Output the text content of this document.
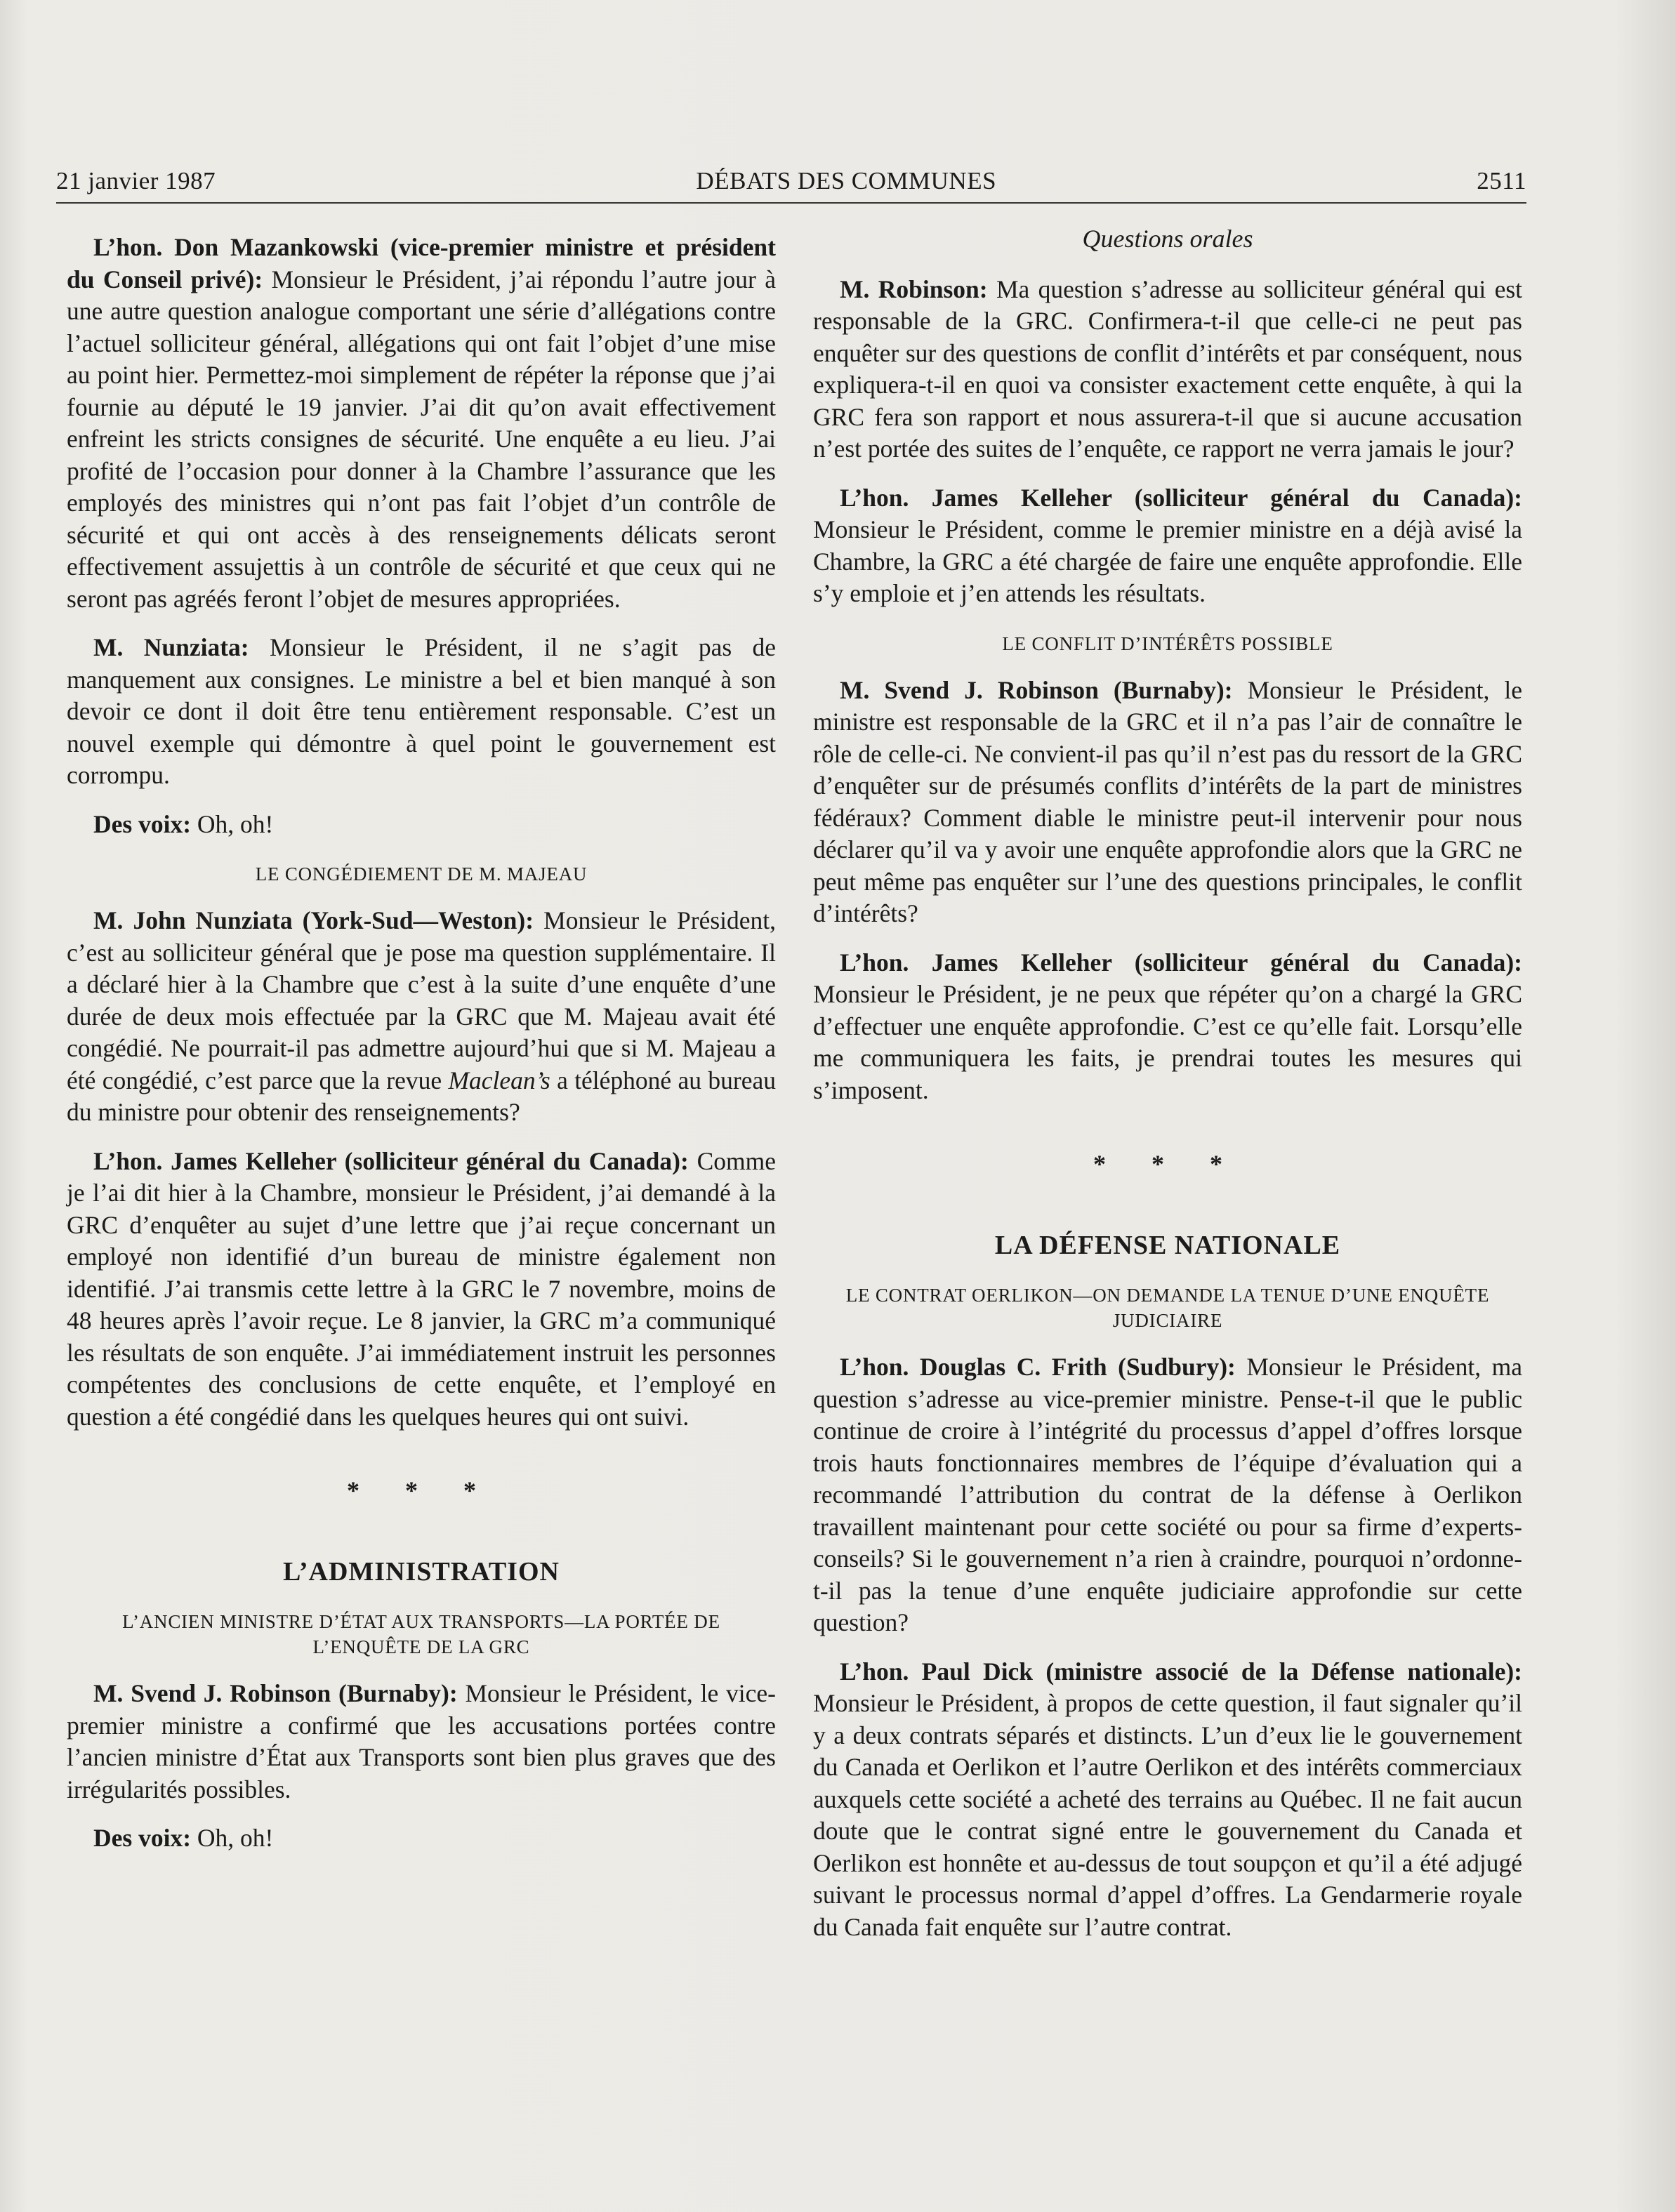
21 janvier 1987	DÉBATS DES COMMUNES	2511

L’hon. Don Mazankowski (vice-premier ministre et président du Conseil privé): Monsieur le Président, j’ai répondu l’autre jour à une autre question analogue comportant une série d’allégations contre l’actuel solliciteur général, allégations qui ont fait l’objet d’une mise au point hier. Permettez-moi simplement de répéter la réponse que j’ai fournie au député le 19 janvier. J’ai dit qu’on avait effectivement enfreint les stricts consignes de sécurité. Une enquête a eu lieu. J’ai profité de l’occasion pour donner à la Chambre l’assurance que les employés des ministres qui n’ont pas fait l’objet d’un contrôle de sécurité et qui ont accès à des renseignements délicats seront effectivement assujettis à un contrôle de sécurité et que ceux qui ne seront pas agréés feront l’objet de mesures appropriées.

M. Nunziata: Monsieur le Président, il ne s’agit pas de manquement aux consignes. Le ministre a bel et bien manqué à son devoir ce dont il doit être tenu entièrement responsable. C’est un nouvel exemple qui démontre à quel point le gouvernement est corrompu.

Des voix: Oh, oh!

LE CONGÉDIEMENT DE M. MAJEAU

M. John Nunziata (York-Sud—Weston): Monsieur le Président, c’est au solliciteur général que je pose ma question supplémentaire. Il a déclaré hier à la Chambre que c’est à la suite d’une enquête d’une durée de deux mois effectuée par la GRC que M. Majeau avait été congédié. Ne pourrait-il pas admettre aujourd’hui que si M. Majeau a été congédié, c’est parce que la revue Maclean’s a téléphoné au bureau du ministre pour obtenir des renseignements?

L’hon. James Kelleher (solliciteur général du Canada): Comme je l’ai dit hier à la Chambre, monsieur le Président, j’ai demandé à la GRC d’enquêter au sujet d’une lettre que j’ai reçue concernant un employé non identifié d’un bureau de ministre également non identifié. J’ai transmis cette lettre à la GRC le 7 novembre, moins de 48 heures après l’avoir reçue. Le 8 janvier, la GRC m’a communiqué les résultats de son enquête. J’ai immédiatement instruit les personnes compétentes des conclusions de cette enquête, et l’employé en question a été congédié dans les quelques heures qui ont suivi.

* * *
L’ADMINISTRATION
L’ANCIEN MINISTRE D’ÉTAT AUX TRANSPORTS—LA PORTÉE DE L’ENQUÊTE DE LA GRC

M. Svend J. Robinson (Burnaby): Monsieur le Président, le vice-premier ministre a confirmé que les accusations portées contre l’ancien ministre d’État aux Transports sont bien plus graves que des irrégularités possibles.

Des voix: Oh, oh!

Questions orales

M. Robinson: Ma question s’adresse au solliciteur général qui est responsable de la GRC. Confirmera-t-il que celle-ci ne peut pas enquêter sur des questions de conflit d’intérêts et par conséquent, nous expliquera-t-il en quoi va consister exactement cette enquête, à qui la GRC fera son rapport et nous assurera-t-il que si aucune accusation n’est portée des suites de l’enquête, ce rapport ne verra jamais le jour?

L’hon. James Kelleher (solliciteur général du Canada): Monsieur le Président, comme le premier ministre en a déjà avisé la Chambre, la GRC a été chargée de faire une enquête approfondie. Elle s’y emploie et j’en attends les résultats.

LE CONFLIT D’INTÉRÊTS POSSIBLE

M. Svend J. Robinson (Burnaby): Monsieur le Président, le ministre est responsable de la GRC et il n’a pas l’air de connaître le rôle de celle-ci. Ne convient-il pas qu’il n’est pas du ressort de la GRC d’enquêter sur de présumés conflits d’intérêts de la part de ministres fédéraux? Comment diable le ministre peut-il intervenir pour nous déclarer qu’il va y avoir une enquête approfondie alors que la GRC ne peut même pas enquêter sur l’une des questions principales, le conflit d’intérêts?

L’hon. James Kelleher (solliciteur général du Canada): Monsieur le Président, je ne peux que répéter qu’on a chargé la GRC d’effectuer une enquête approfondie. C’est ce qu’elle fait. Lorsqu’elle me communiquera les faits, je prendrai toutes les mesures qui s’imposent.

* * *
LA DÉFENSE NATIONALE
LE CONTRAT OERLIKON—ON DEMANDE LA TENUE D’UNE ENQUÊTE JUDICIAIRE

L’hon. Douglas C. Frith (Sudbury): Monsieur le Président, ma question s’adresse au vice-premier ministre. Pense-t-il que le public continue de croire à l’intégrité du processus d’appel d’offres lorsque trois hauts fonctionnaires membres de l’équipe d’évaluation qui a recommandé l’attribution du contrat de la défense à Oerlikon travaillent maintenant pour cette société ou pour sa firme d’experts-conseils? Si le gouvernement n’a rien à craindre, pourquoi n’ordonne-t-il pas la tenue d’une enquête judiciaire approfondie sur cette question?

L’hon. Paul Dick (ministre associé de la Défense nationale): Monsieur le Président, à propos de cette question, il faut signaler qu’il y a deux contrats séparés et distincts. L’un d’eux lie le gouvernement du Canada et Oerlikon et l’autre Oerlikon et des intérêts commerciaux auxquels cette société a acheté des terrains au Québec. Il ne fait aucun doute que le contrat signé entre le gouvernement du Canada et Oerlikon est honnête et au-dessus de tout soupçon et qu’il a été adjugé suivant le processus normal d’appel d’offres. La Gendarmerie royale du Canada fait enquête sur l’autre contrat.
